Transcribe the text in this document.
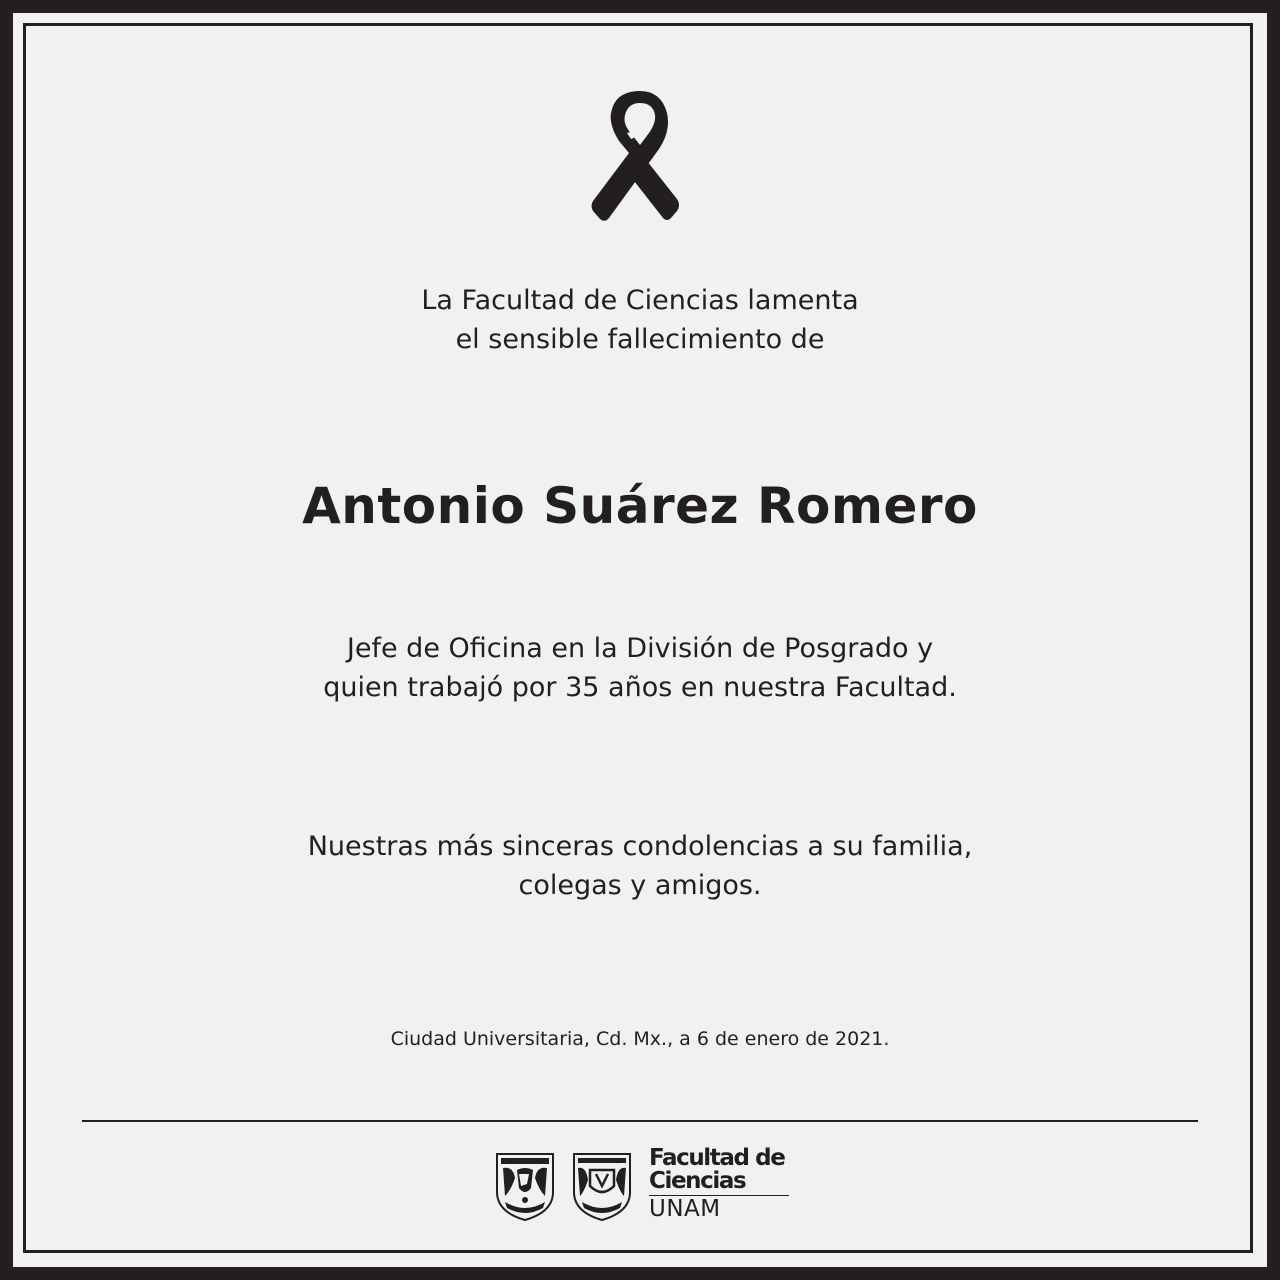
La Facultad de Ciencias lamenta
el sensible fallecimiento de
Antonio Suárez Romero
Jefe de Oficina en la División de Posgrado y
quien trabajó por 35 años en nuestra Facultad.
Nuestras más sinceras condolencias a su familia,
colegas y amigos.
Ciudad Universitaria, Cd. Mx., a 6 de enero de 2021.
Facultad de
Ciencias
UNAM
